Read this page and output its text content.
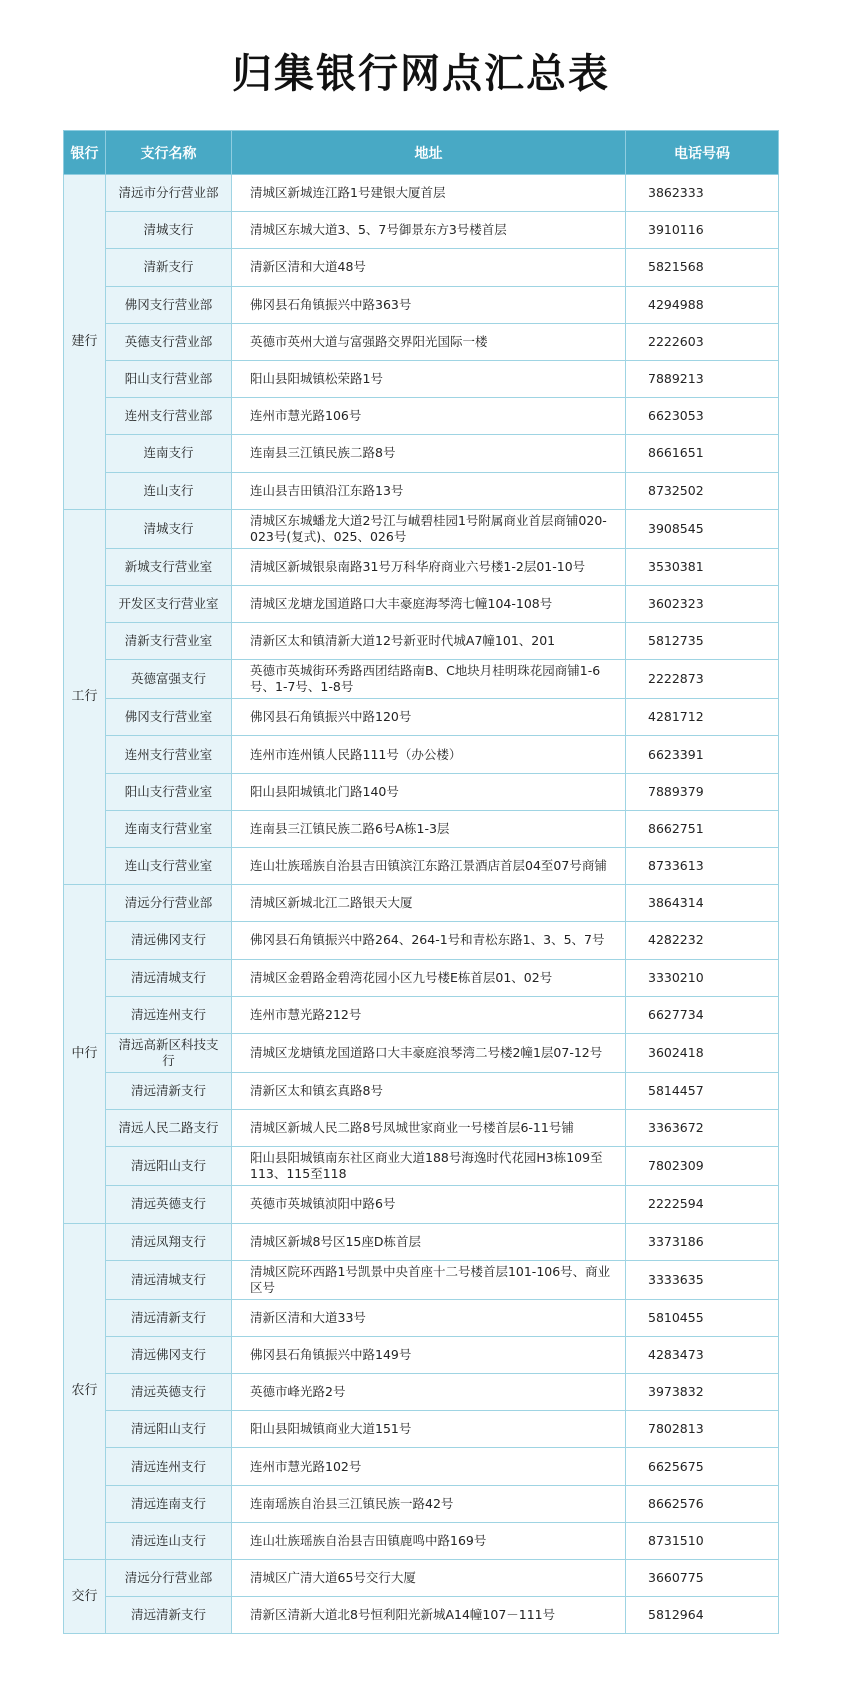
归集银行网点汇总表
银行	支行名称	地址	电话号码
建行	清远市分行营业部	清城区新城连江路1号建银大厦首层	3862333
	清城支行	清城区东城大道3、5、7号御景东方3号楼首层	3910116
	清新支行	清新区清和大道48号	5821568
	佛冈支行营业部	佛冈县石角镇振兴中路363号	4294988
	英德支行营业部	英德市英州大道与富强路交界阳光国际一楼	2222603
	阳山支行营业部	阳山县阳城镇松荣路1号	7889213
	连州支行营业部	连州市慧光路106号	6623053
	连南支行	连南县三江镇民族二路8号	8661651
	连山支行	连山县吉田镇沿江东路13号	8732502
工行	清城支行	清城区东城蟠龙大道2号江与峸碧桂园1号附属商业首层商铺020-023号(复式)、025、026号	3908545
	新城支行营业室	清城区新城银泉南路31号万科华府商业六号楼1-2层01-10号	3530381
	开发区支行营业室	清城区龙塘龙国道路口大丰豪庭海琴湾七幢104-108号	3602323
	清新支行营业室	清新区太和镇清新大道12号新亚时代城A7幢101、201	5812735
	英德富强支行	英德市英城街环秀路西团结路南B、C地块月桂明珠花园商铺1-6号、1-7号、1-8号	2222873
	佛冈支行营业室	佛冈县石角镇振兴中路120号	4281712
	连州支行营业室	连州市连州镇人民路111号（办公楼）	6623391
	阳山支行营业室	阳山县阳城镇北门路140号	7889379
	连南支行营业室	连南县三江镇民族二路6号A栋1-3层	8662751
	连山支行营业室	连山壮族瑶族自治县吉田镇滨江东路江景酒店首层04至07号商铺	8733613
中行	清远分行营业部	清城区新城北江二路银天大厦	3864314
	清远佛冈支行	佛冈县石角镇振兴中路264、264-1号和青松东路1、3、5、7号	4282232
	清远清城支行	清城区金碧路金碧湾花园小区九号楼E栋首层01、02号	3330210
	清远连州支行	连州市慧光路212号	6627734
	清远高新区科技支行	清城区龙塘镇龙国道路口大丰豪庭浪琴湾二号楼2幢1层07-12号	3602418
	清远清新支行	清新区太和镇玄真路8号	5814457
	清远人民二路支行	清城区新城人民二路8号凤城世家商业一号楼首层6-11号铺	3363672
	清远阳山支行	阳山县阳城镇南东社区商业大道188号海逸时代花园H3栋109至113、115至118	7802309
	清远英德支行	英德市英城镇浈阳中路6号	2222594
农行	清远凤翔支行	清城区新城8号区15座D栋首层	3373186
	清远清城支行	清城区院环西路1号凯景中央首座十二号楼首层101-106号、商业区号	3333635
	清远清新支行	清新区清和大道33号	5810455
	清远佛冈支行	佛冈县石角镇振兴中路149号	4283473
	清远英德支行	英德市峰光路2号	3973832
	清远阳山支行	阳山县阳城镇商业大道151号	7802813
	清远连州支行	连州市慧光路102号	6625675
	清远连南支行	连南瑶族自治县三江镇民族一路42号	8662576
	清远连山支行	连山壮族瑶族自治县吉田镇鹿鸣中路169号	8731510
交行	清远分行营业部	清城区广清大道65号交行大厦	3660775
	清远清新支行	清新区清新大道北8号恒利阳光新城A14幢107－111号	5812964
